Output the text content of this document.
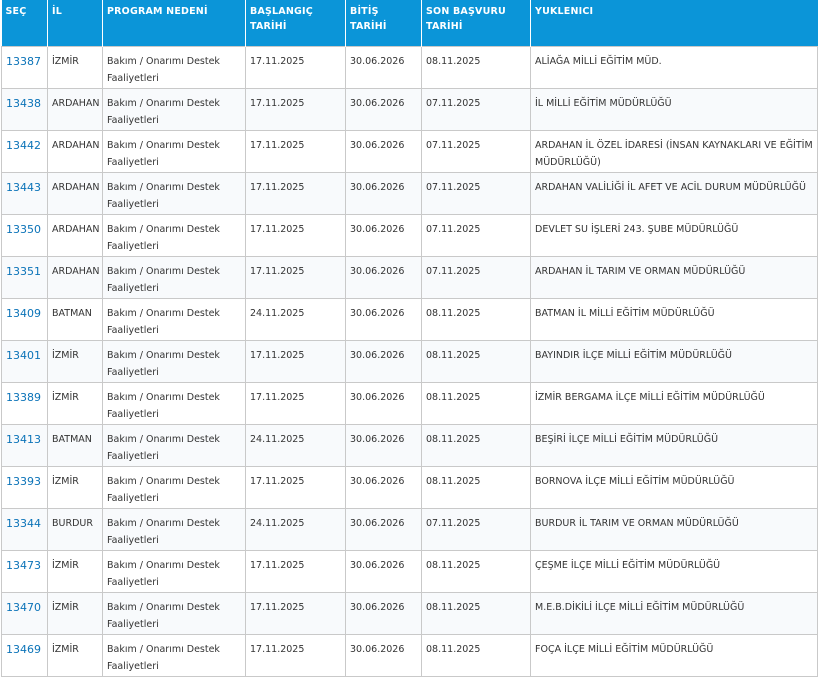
SEÇ	İL	PROGRAM NEDENİ	BAŞLANGIÇ TARİHİ	BİTİŞ TARİHİ	SON BAŞVURU TARİHİ	YUKLENICI
13387	İZMİR	Bakım / Onarımı Destek Faaliyetleri	17.11.2025	30.06.2026	08.11.2025	ALİAĞA MİLLİ EĞİTİM MÜD.
13438	ARDAHAN	Bakım / Onarımı Destek Faaliyetleri	17.11.2025	30.06.2026	07.11.2025	İL MİLLİ EĞİTİM MÜDÜRLÜĞÜ
13442	ARDAHAN	Bakım / Onarımı Destek Faaliyetleri	17.11.2025	30.06.2026	07.11.2025	ARDAHAN İL ÖZEL İDARESİ (İNSAN KAYNAKLARI VE EĞİTİM MÜDÜRLÜĞÜ)
13443	ARDAHAN	Bakım / Onarımı Destek Faaliyetleri	17.11.2025	30.06.2026	07.11.2025	ARDAHAN VALİLİĞİ İL AFET VE ACİL DURUM MÜDÜRLÜĞÜ
13350	ARDAHAN	Bakım / Onarımı Destek Faaliyetleri	17.11.2025	30.06.2026	07.11.2025	DEVLET SU İŞLERİ 243. ŞUBE MÜDÜRLÜĞÜ
13351	ARDAHAN	Bakım / Onarımı Destek Faaliyetleri	17.11.2025	30.06.2026	07.11.2025	ARDAHAN İL TARIM VE ORMAN MÜDÜRLÜĞÜ
13409	BATMAN	Bakım / Onarımı Destek Faaliyetleri	24.11.2025	30.06.2026	08.11.2025	BATMAN İL MİLLİ EĞİTİM MÜDÜRLÜĞÜ
13401	İZMİR	Bakım / Onarımı Destek Faaliyetleri	17.11.2025	30.06.2026	08.11.2025	BAYINDIR İLÇE MİLLİ EĞİTİM MÜDÜRLÜĞÜ
13389	İZMİR	Bakım / Onarımı Destek Faaliyetleri	17.11.2025	30.06.2026	08.11.2025	İZMİR BERGAMA İLÇE MİLLİ EĞİTİM MÜDÜRLÜĞÜ
13413	BATMAN	Bakım / Onarımı Destek Faaliyetleri	24.11.2025	30.06.2026	08.11.2025	BEŞİRİ İLÇE MİLLİ EĞİTİM MÜDÜRLÜĞÜ
13393	İZMİR	Bakım / Onarımı Destek Faaliyetleri	17.11.2025	30.06.2026	08.11.2025	BORNOVA İLÇE MİLLİ EĞİTİM MÜDÜRLÜĞÜ
13344	BURDUR	Bakım / Onarımı Destek Faaliyetleri	24.11.2025	30.06.2026	07.11.2025	BURDUR İL TARIM VE ORMAN MÜDÜRLÜĞÜ
13473	İZMİR	Bakım / Onarımı Destek Faaliyetleri	17.11.2025	30.06.2026	08.11.2025	ÇEŞME İLÇE MİLLİ EĞİTİM MÜDÜRLÜĞÜ
13470	İZMİR	Bakım / Onarımı Destek Faaliyetleri	17.11.2025	30.06.2026	08.11.2025	M.E.B.DİKİLİ İLÇE MİLLİ EĞİTİM MÜDÜRLÜĞÜ
13469	İZMİR	Bakım / Onarımı Destek Faaliyetleri	17.11.2025	30.06.2026	08.11.2025	FOÇA İLÇE MİLLİ EĞİTİM MÜDÜRLÜĞÜ
